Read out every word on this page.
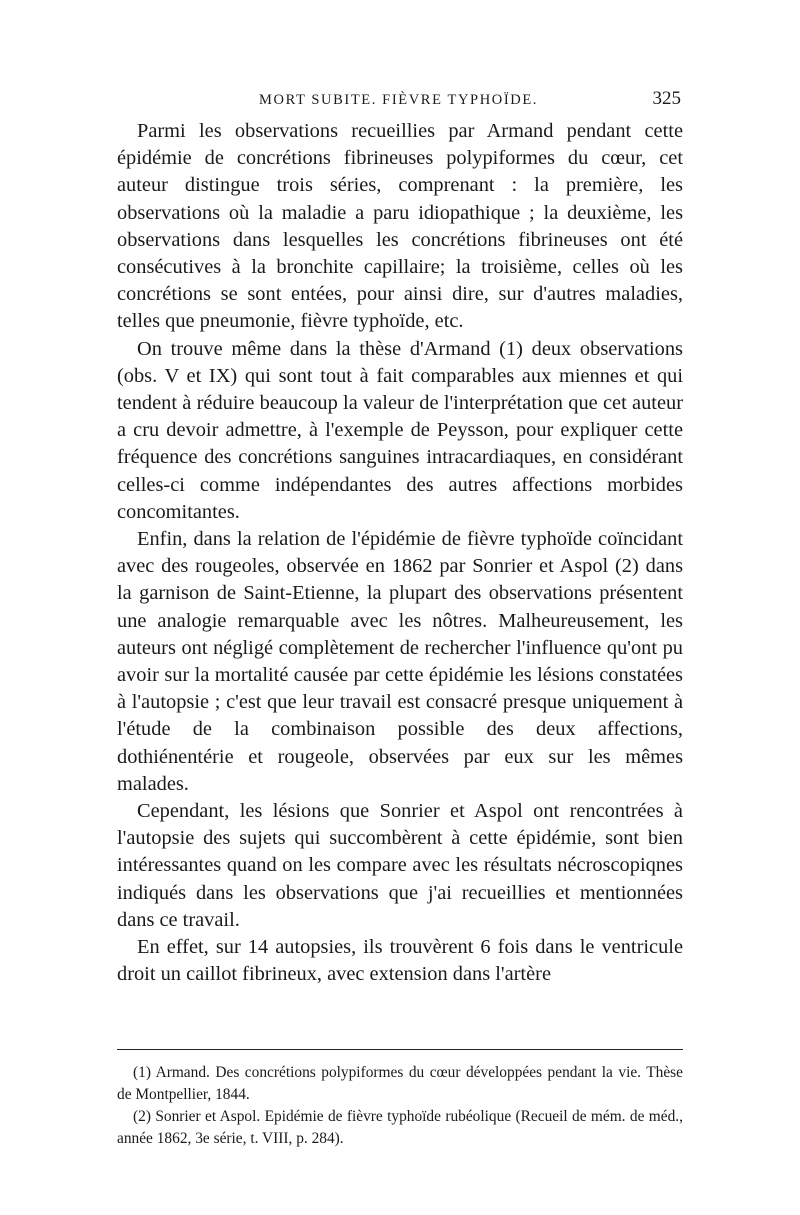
MORT SUBITE. FIÈVRE TYPHOÏDE.	325

Parmi les observations recueillies par Armand pendant cette épidémie de concrétions fibrineuses polypiformes du cœur, cet auteur distingue trois séries, comprenant : la première, les observations où la maladie a paru idiopathique ; la deuxième, les observations dans lesquelles les concrétions fibrineuses ont été consécutives à la bronchite capillaire; la troisième, celles où les concrétions se sont entées, pour ainsi dire, sur d'autres maladies, telles que pneumonie, fièvre typhoïde, etc.

On trouve même dans la thèse d'Armand (1) deux observations (obs. V et IX) qui sont tout à fait comparables aux miennes et qui tendent à réduire beaucoup la valeur de l'interprétation que cet auteur a cru devoir admettre, à l'exemple de Peysson, pour expliquer cette fréquence des concrétions sanguines intracardiaques, en considérant celles-ci comme indépendantes des autres affections morbides concomitantes.

Enfin, dans la relation de l'épidémie de fièvre typhoïde coïncidant avec des rougeoles, observée en 1862 par Sonrier et Aspol (2) dans la garnison de Saint-Etienne, la plupart des observations présentent une analogie remarquable avec les nôtres. Malheureusement, les auteurs ont négligé complètement de rechercher l'influence qu'ont pu avoir sur la mortalité causée par cette épidémie les lésions constatées à l'autopsie ; c'est que leur travail est consacré presque uniquement à l'étude de la combinaison possible des deux affections, dothiénentérie et rougeole, observées par eux sur les mêmes malades.

Cependant, les lésions que Sonrier et Aspol ont rencontrées à l'autopsie des sujets qui succombèrent à cette épidémie, sont bien intéressantes quand on les compare avec les résultats nécroscopiqnes indiqués dans les observations que j'ai recueillies et mentionnées dans ce travail.

En effet, sur 14 autopsies, ils trouvèrent 6 fois dans le ventricule droit un caillot fibrineux, avec extension dans l'artère

(1) Armand. Des concrétions polypiformes du cœur développées pendant la vie. Thèse de Montpellier, 1844.

(2) Sonrier et Aspol. Epidémie de fièvre typhoïde rubéolique (Recueil de mém. de méd., année 1862, 3e série, t. VIII, p. 284).
